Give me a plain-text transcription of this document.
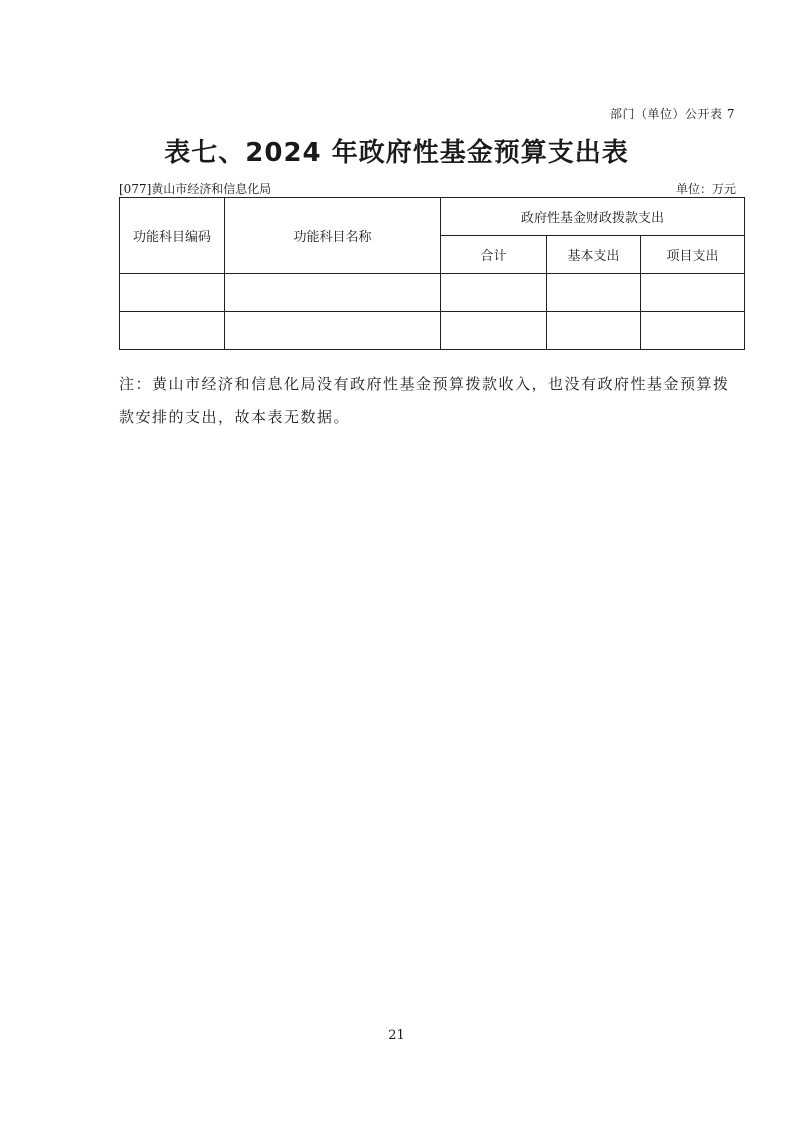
部门（单位）公开表 7
表七、2024 年政府性基金预算支出表
[077]黄山市经济和信息化局	单位：万元
功能科目编码	功能科目名称	政府性基金财政拨款支出		
		合计	基本支出	项目支出

注：黄山市经济和信息化局没有政府性基金预算拨款收入，也没有政府性基金预算拨款安排的支出，故本表无数据。
21
